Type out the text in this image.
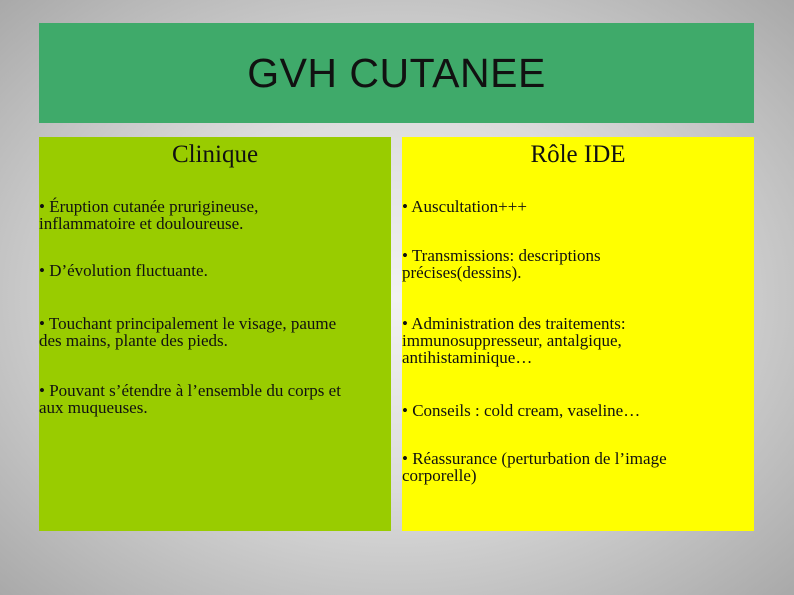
GVH CUTANEE
Clinique
• Éruption cutanée prurigineuse,
inflammatoire et douloureuse.
• D’évolution fluctuante.
• Touchant principalement le visage, paume
des mains, plante des pieds.
• Pouvant s’étendre à l’ensemble du corps et
aux muqueuses.
Rôle IDE
• Auscultation+++
• Transmissions: descriptions
précises(dessins).
• Administration des traitements:
immunosuppresseur, antalgique,
antihistaminique…
• Conseils : cold cream, vaseline…
• Réassurance (perturbation de l’image
corporelle)
